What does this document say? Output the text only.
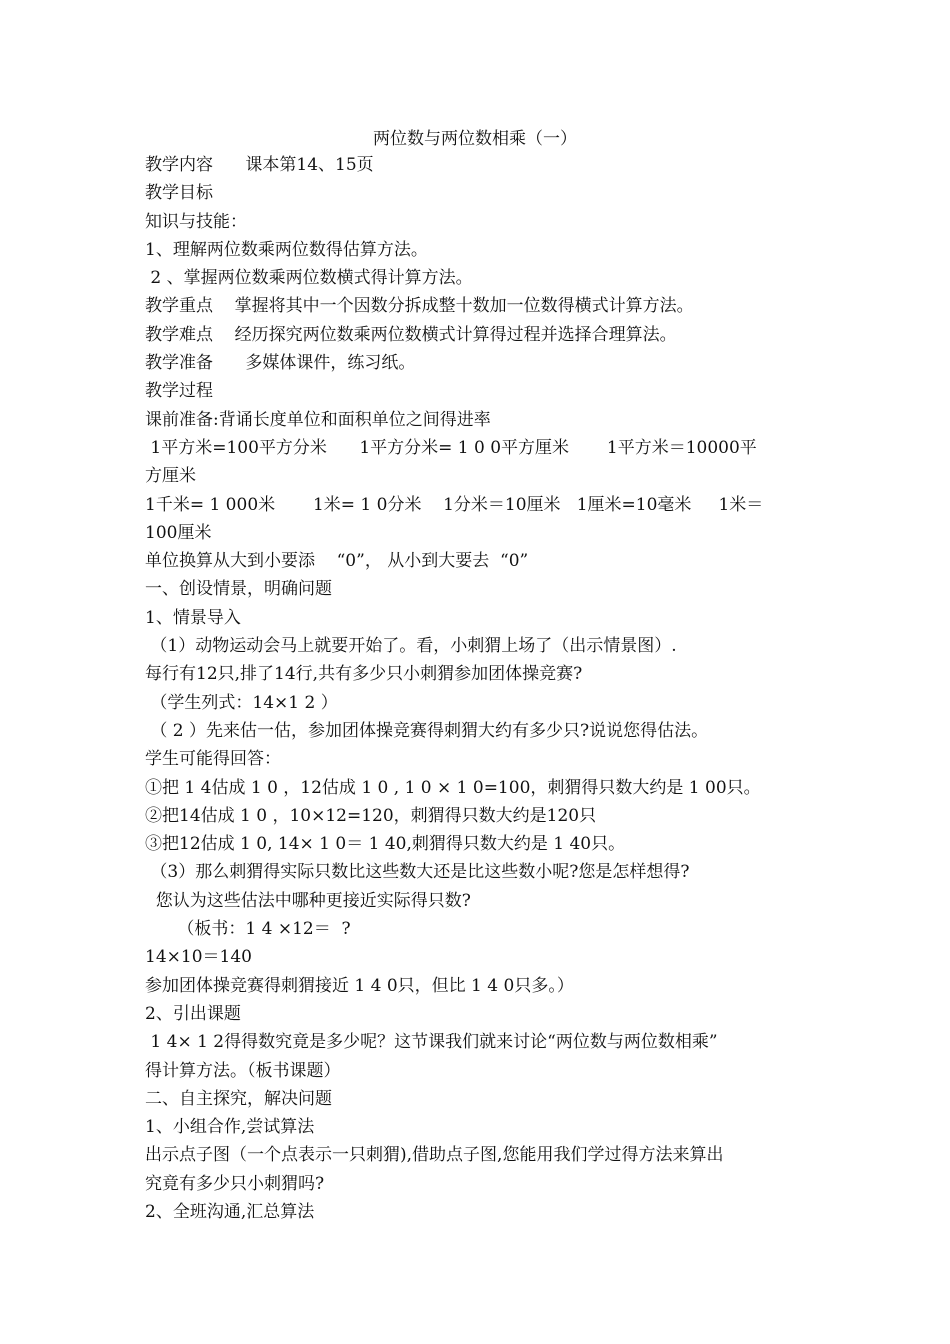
两位数与两位数相乘（一）
教学内容      课本第14、15页
教学目标
知识与技能：
1、理解两位数乘两位数得估算方法。
2 、掌握两位数乘两位数横式得计算方法。
教学重点    掌握将其中一个因数分拆成整十数加一位数得横式计算方法。
教学难点    经历探究两位数乘两位数横式计算得过程并选择合理算法。
教学准备      多媒体课件，练习纸。
教学过程
课前准备:背诵长度单位和面积单位之间得进率
1平方米=100平方分米      1平方分米= 1 0 0平方厘米       1平方米＝10000平
方厘米
1千米= 1 000米       1米= 1 0分米    1分米＝10厘米   1厘米=10毫米     1米＝
100厘米
单位换算从大到小要添    “0”， 从小到大要去  “0”
一、创设情景，明确问题
1、情景导入
（1）动物运动会马上就要开始了。看，小刺猬上场了（出示情景图）.
每行有12只,排了14行,共有多少只小刺猬参加团体操竞赛?
（学生列式：14×1 2 ）
（ 2 ）先来估一估，参加团体操竞赛得刺猬大约有多少只?说说您得估法。
学生可能得回答：
①把 1 4估成 1 0 ，12估成 1 0 , 1 0 × 1 0=100，刺猬得只数大约是 1 00只。
②把14估成 1 0 ，10×12=120，刺猬得只数大约是120只
③把12估成 1 0, 14× 1 0＝ 1 40,刺猬得只数大约是 1 40只。
（3）那么刺猬得实际只数比这些数大还是比这些数小呢?您是怎样想得?
您认为这些估法中哪种更接近实际得只数?
（板书：1 4 ×12＝  ?
14×10＝140
参加团体操竞赛得刺猬接近 1 4 0只，但比 1 4 0只多。）
2、引出课题
1 4× 1 2得得数究竟是多少呢？这节课我们就来讨论“两位数与两位数相乘”
得计算方法。（板书课题）
二、自主探究，解决问题
1、小组合作,尝试算法
出示点子图（一个点表示一只刺猬),借助点子图,您能用我们学过得方法来算出
究竟有多少只小刺猬吗?
2、全班沟通,汇总算法
